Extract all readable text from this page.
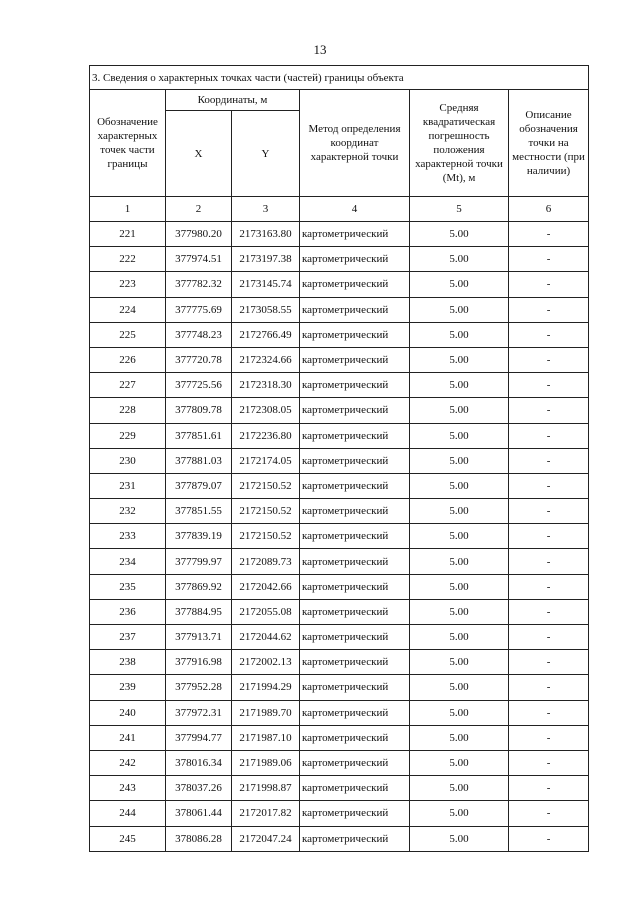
13
3. Сведения о характерных точках части (частей) границы объекта					
Обозначение характерных точек части границы	Координаты, м		Метод определения координат характерной точки	Средняя квадратическая погрешность положения характерной точки (Mt), м	Описание обозначения точки на местности (при наличии)
	X	Y			
1	2	3	4	5	6
221	377980.20	2173163.80	картометрический	5.00	-
222	377974.51	2173197.38	картометрический	5.00	-
223	377782.32	2173145.74	картометрический	5.00	-
224	377775.69	2173058.55	картометрический	5.00	-
225	377748.23	2172766.49	картометрический	5.00	-
226	377720.78	2172324.66	картометрический	5.00	-
227	377725.56	2172318.30	картометрический	5.00	-
228	377809.78	2172308.05	картометрический	5.00	-
229	377851.61	2172236.80	картометрический	5.00	-
230	377881.03	2172174.05	картометрический	5.00	-
231	377879.07	2172150.52	картометрический	5.00	-
232	377851.55	2172150.52	картометрический	5.00	-
233	377839.19	2172150.52	картометрический	5.00	-
234	377799.97	2172089.73	картометрический	5.00	-
235	377869.92	2172042.66	картометрический	5.00	-
236	377884.95	2172055.08	картометрический	5.00	-
237	377913.71	2172044.62	картометрический	5.00	-
238	377916.98	2172002.13	картометрический	5.00	-
239	377952.28	2171994.29	картометрический	5.00	-
240	377972.31	2171989.70	картометрический	5.00	-
241	377994.77	2171987.10	картометрический	5.00	-
242	378016.34	2171989.06	картометрический	5.00	-
243	378037.26	2171998.87	картометрический	5.00	-
244	378061.44	2172017.82	картометрический	5.00	-
245	378086.28	2172047.24	картометрический	5.00	-
